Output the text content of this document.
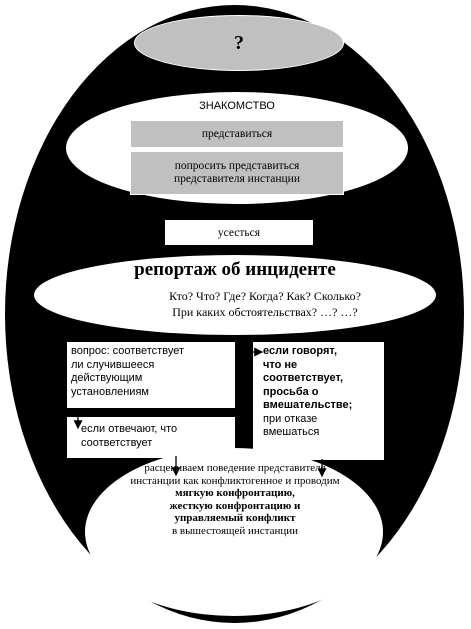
?
ЗНАКОМСТВО
представиться
попросить представиться
представителя инстанции
усесться
репортаж об инциденте
Кто? Что? Где? Когда? Как? Сколько?
При каких обстоятельствах? …? …?
вопрос: соответствует
ли случившееся
действующим
установлениям
если говорят,
что не
соответствует,
просьба о
вмешательстве;
при отказе
вмешаться
если отвечают, что
соответствует
расцениваем поведение представителя
инстанции как конфликтогенное и проводим
мягкую конфронтацию,
жесткую конфронтацию и
управляемый конфликт
в вышестоящей инстанции
